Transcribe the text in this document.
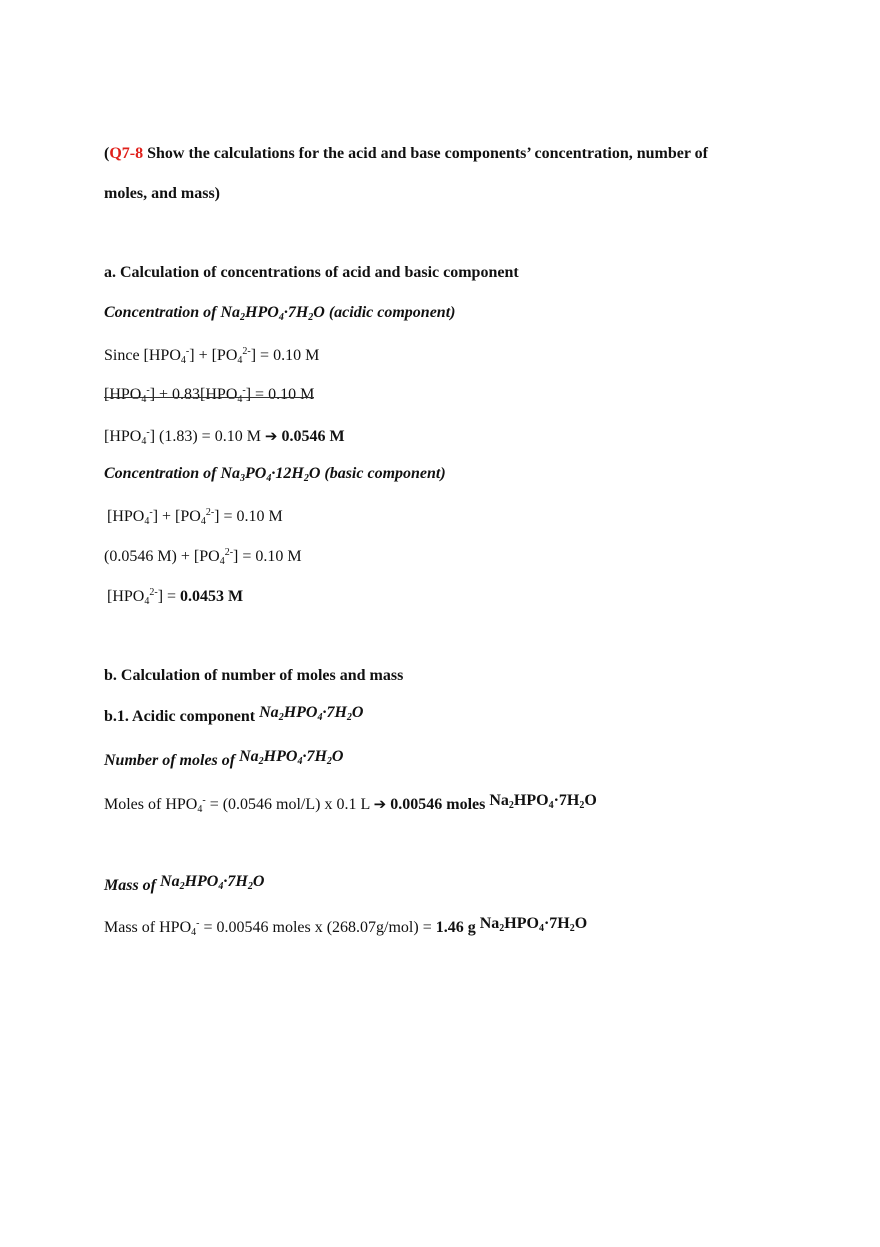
(Q7-8 Show the calculations for the acid and base components’ concentration, number of

moles, and mass)

a. Calculation of concentrations of acid and basic component

Concentration of $Na_2HPO_4\cdot 7H_2O$ (acidic component)

Since $[HPO_4^-] + [PO_4^{2-}] = 0.10$ M

$[HPO_4^-] + 0.83[HPO_4^-] = 0.10$ M

$[HPO_4^-] (1.83) = 0.10$ M ➔ 0.0546 M

Concentration of $Na_3PO_4\cdot 12H_2O$ (basic component)

$[HPO_4^-] + [PO_4^{2-}] = 0.10$ M

(0.0546 $M) + [PO_4^{2-}] = 0.10$ M

$[HPO_4^{2-}] = 0.0453$ M

b. Calculation of number of moles and mass

b.1. Acidic component $Na_2HPO_4\cdot 7H_2O$

Number of moles of $Na_2HPO_4\cdot 7H_2O$

Moles of $HPO_4^- = (0.0546$ mol/L) x 0.1 L ➔ 0.00546 moles $Na_2HPO_4\cdot 7H_2O$

Mass of $Na_2HPO_4\cdot 7H_2O$

Mass of $HPO_4^- = 0.00546$ moles x (268.07g/mol) = 1.46 g $Na_2HPO_4\cdot 7H_2O$
